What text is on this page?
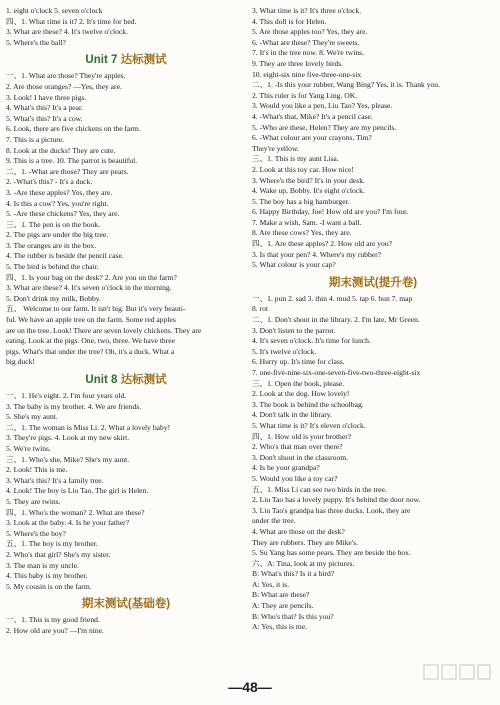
1. eight o'clock 5. seven o'clock
四、1. What time is it? 2. It's time for bed.
3. What are these? 4. It's twelve o'clock.
5. Where's the ball?
Unit 7 达标测试
一、1. What are those? They're apples.
2. Are those oranges? —Yes, they are.
3. Look! I have three pigs.
4. What's this? It's a pear.
5. What's this? It's a cow.
6. Look, there are five chickens on the farm.
7. This is a picture.
8. Look at the ducks! They are cute.
9. This is a tree. 10. The parrot is beautiful.
二、1. -What are those? They are pears.
2. -What's this? - It's a duck.
3. -Are these apples? Yes, they are.
4. Is this a cow? Yes, you're right.
5. -Are these chickens? Yes, they are.
三、1. The pen is on the book.
2. The pigs are under the big tree.
3. The oranges are in the box.
4. The rubber is beside the pencil case.
5. The bird is behind the chair.
四、1. Is your bag on the desk? 2. Are you on the farm?
3. What are these? 4. It's seven o'clock in the morning.
5. Don't drink my milk, Bobby.
五、 Welcome to our farm. It isn't big. But it's very beauti-
ful. We have an apple tree on the farm. Some red apples
are on the tree. Look! There are seven lovely chickens. They are
eating. Look at the pigs. One, two, three. We have three
pigs. What's that under the tree? Oh, it's a duck. What a
big duck!
Unit 8 达标测试
一、1. He's eight. 2. I'm four years old.
3. The baby is my brother. 4. We are friends.
5. She's my aunt.
二、1. The woman is Miss Li. 2. What a lovely baby!
3. They're pigs. 4. Look at my new skirt.
5. We're twins.
三、1. Who's she, Mike? She's my aunt.
2. Look! This is me.
3. What's this? It's a family tree.
4. Look! The boy is Liu Tao. The girl is Helen.
5. They are twins.
四、1. Who's the woman? 2. What are these?
3. Look at the baby. 4. Is he your father?
5. Where's the boy?
五、1. The boy is my brother.
2. Who's that girl? She's my sister.
3. The man is my uncle.
4. This baby is my brother.
5. My cousin is on the farm.
期末测试(基础卷)
一、1. This is my good friend.
2. How old are you? —I'm nine.
3. What time is it? It's three o'clock.
4. This doll is for Helen.
5. Are those apples too? Yes, they are.
6. -What are these? They're sweets.
7. It's in the tree now. 8. We're twins.
9. They are three lovely birds.
10. eight-six nine five-three-one-six
二、1. -Is this your rubber, Wang Bing? Yes, it is. Thank you.
2. This ruler is for Yang Ling. OK.
3. Would you like a pen, Liu Tao? Yes, please.
4. -What's that, Mike? It's a pencil case.
5. -Who are these, Helen? They are my pencils.
6. -What colour are your crayons, Tim?
They're yellow.
三、1. This is my aunt Lisa.
2. Look at this toy car. How nice!
3. Where's the bird? It's in your desk.
4. Wake up, Bobby. It's eight o'clock.
5. The boy has a big hamburger.
6. Happy Birthday, Joe! How old are you? I'm four.
7. Make a wish, Sam. -I want a ball.
8. Are these cows? Yes, they are.
四、1. Are these apples? 2. How old are you?
3. Is that your pen? 4. Where's my rubber?
5. What colour is your cap?
期末测试(提升卷)
一、1. pun 2. sad 3. thin 4. mud 5. tap 6. bun 7. map
8. rot
二、1. Don't shout in the library. 2. I'm late, Mr Green.
3. Don't listen to the parrot.
4. It's seven o'clock. It's time for lunch.
5. It's twelve o'clock.
6. Hurry up. It's time for class.
7. one-five-nine-six-one-seven-five-two-three-eight-six
三、1. Open the book, please.
2. Look at the dog. How lovely!
3. The book is behind the schoolbag.
4. Don't talk in the library.
5. What time is it? It's eleven o'clock.
四、1. How old is your brother?
2. Who's that man over there?
3. Don't shout in the classroom.
4. Is he your grandpa?
5. Would you like a toy car?
五、1. Miss Li can see two birds in the tree.
2. Liu Tao has a lovely puppy. It's behind the door now.
3. Liu Tao's grandpa has three ducks. Look, they are
under the tree.
4. What are those on the desk?
They are rubbers. They are Mike's.
5. Su Yang has some pears. They are beside the box.
六、A: Tina, look at my pictures.
B: What's this? Is it a bird?
A: Yes, it is.
B: What are these?
A: They are pencils.
B: Who's that? Is this you?
A: Yes, this is me.
—48—
